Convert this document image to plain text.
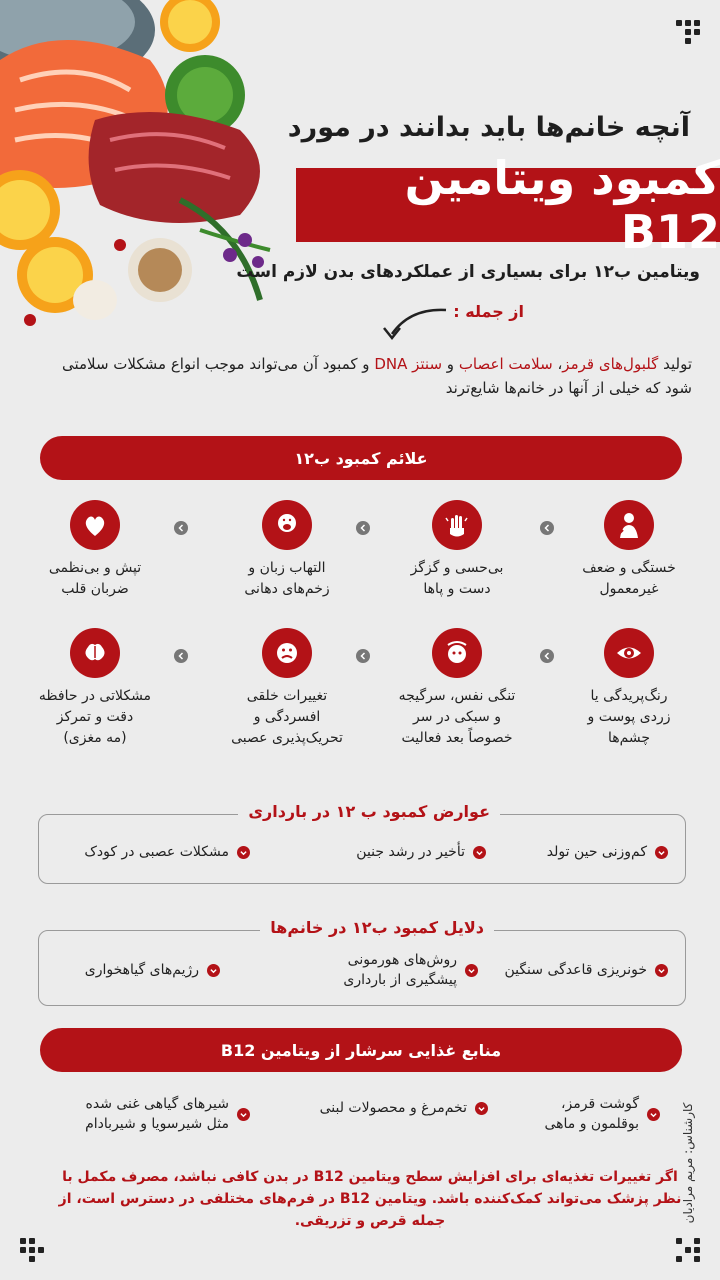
آنچه خانم‌ها باید بدانند در مورد
کمبود ویتامین B12
ویتامین ب۱۲ برای بسیاری از عملکردهای بدن لازم است
از جمله :
تولید گلبول‌های قرمز، سلامت اعصاب و سنتز DNA و کمبود آن می‌تواند موجب انواع مشکلات سلامتی شود که خیلی از آنها در خانم‌ها شایع‌ترند
علائم کمبود ب۱۲
خستگی و ضعف
غیرمعمول
بی‌حسی و گزگز
دست و پاها
التهاب زبان و
زخم‌های دهانی
تپش و بی‌نظمی
ضربان قلب
رنگ‌پریدگی یا
زردی پوست و
چشم‌ها
تنگی نفس، سرگیجه
و سبکی در سر
خصوصاً بعد فعالیت
تغییرات خلقی
افسردگی و
تحریک‌پذیری عصبی
مشکلاتی در حافظه
دقت و تمرکز
(مه مغزی)
عوارض کمبود ب ۱۲ در بارداری
کم‌وزنی حین تولد
تأخیر در رشد جنین
مشکلات عصبی در کودک
دلایل کمبود ب۱۲ در خانم‌ها
خونریزی قاعدگی سنگین
روش‌های هورمونی
پیشگیری از بارداری
رژیم‌های گیاهخواری
منابع غذایی سرشار از ویتامین B12
گوشت قرمز،
بوقلمون و ماهی
تخم‌مرغ و محصولات لبنی
شیرهای گیاهی غنی شده
مثل شیرسویا و شیربادام
اگر تغییرات تغذیه‌ای برای افزایش سطح ویتامین B12 در بدن کافی نباشد، مصرف مکمل با نظر پزشک می‌تواند کمک‌کننده باشد. ویتامین B12 در فرم‌های مختلفی در دسترس است، از جمله قرص و تزریقی.	کارشناس: مریم مرادیان
